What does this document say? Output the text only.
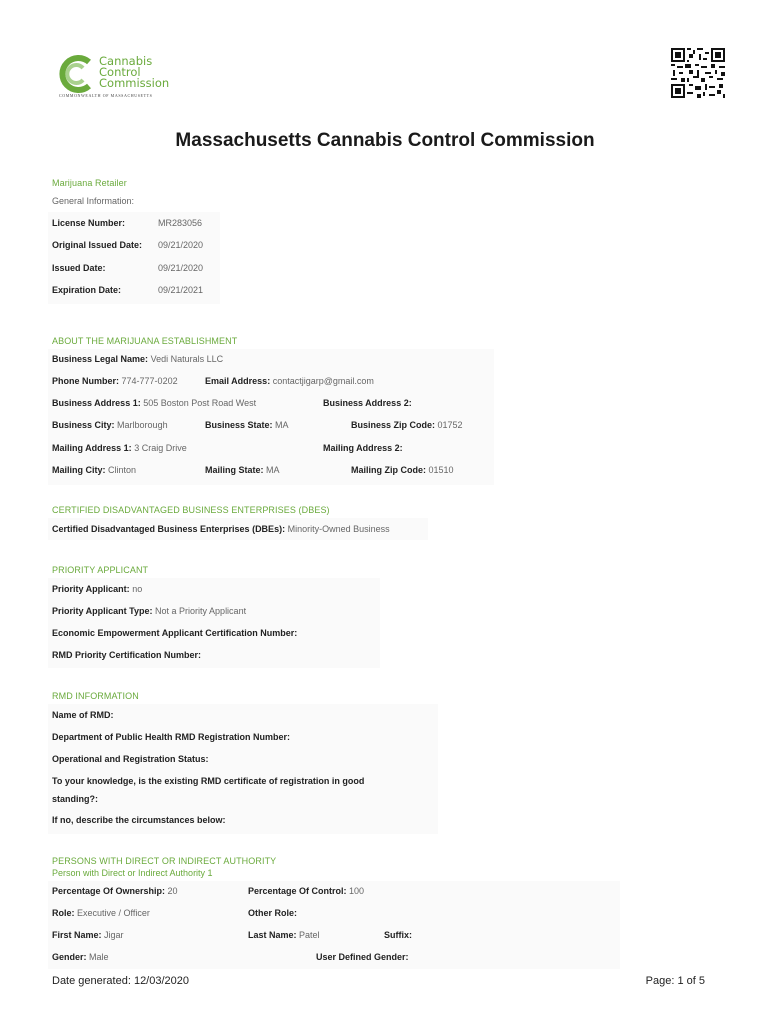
Cannabis
Control
Commission
COMMONWEALTH OF MASSACHUSETTS
Massachusetts Cannabis Control Commission
Marijuana Retailer
General Information:
License Number:	MR283056
Original Issued Date: 09/21/2020
Issued Date:	09/21/2020
Expiration Date:	09/21/2021
ABOUT THE MARIJUANA ESTABLISHMENT
Business Legal Name: Vedi Naturals LLC
Phone Number: 774-777-0202	Email Address: contactjigarp@gmail.com
Business Address 1: 505 Boston Post Road West	Business Address 2:
Business City: Marlborough	Business State: MA	Business Zip Code: 01752
Mailing Address 1: 3 Craig Drive	Mailing Address 2:
Mailing City: Clinton	Mailing State: MA	Mailing Zip Code: 01510
CERTIFIED DISADVANTAGED BUSINESS ENTERPRISES (DBES)
Certified Disadvantaged Business Enterprises (DBEs): Minority-Owned Business
PRIORITY APPLICANT
Priority Applicant: no
Priority Applicant Type: Not a Priority Applicant
Economic Empowerment Applicant Certification Number:
RMD Priority Certification Number:
RMD INFORMATION
Name of RMD:
Department of Public Health RMD Registration Number:
Operational and Registration Status:
To your knowledge, is the existing RMD certificate of registration in good
standing?:
If no, describe the circumstances below:
PERSONS WITH DIRECT OR INDIRECT AUTHORITY
Person with Direct or Indirect Authority 1
Percentage Of Ownership: 20	Percentage Of Control: 100
Role: Executive / Officer	Other Role:
First Name: Jigar	Last Name: Patel	Suffix:
Gender: Male	User Defined Gender:
Date generated: 12/03/2020	Page: 1 of 5
